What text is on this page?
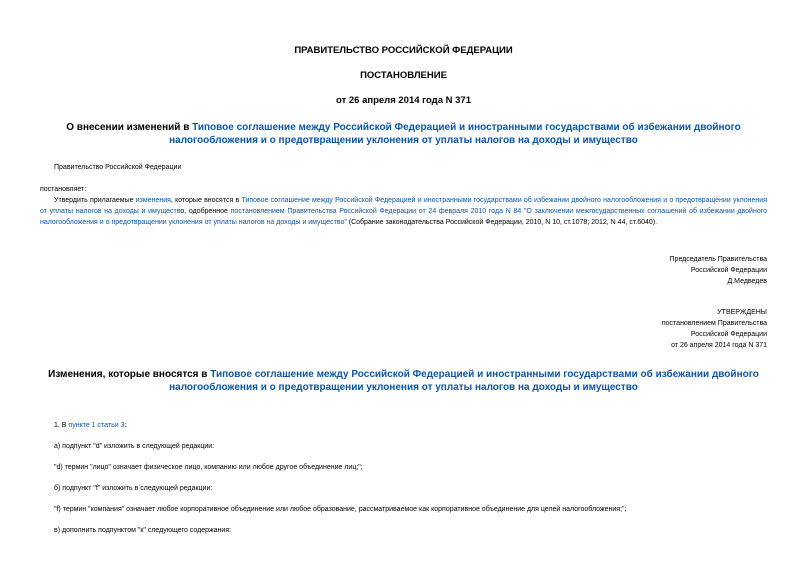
ПРАВИТЕЛЬСТВО РОССИЙСКОЙ ФЕДЕРАЦИИ
ПОСТАНОВЛЕНИЕ
от 26 апреля 2014 года N 371
О внесении изменений в Типовое соглашение между Российской Федерацией и иностранными государствами об избежании двойного налогообложения и о предотвращении уклонения от уплаты налогов на доходы и имущество
Правительство Российской Федерации
постановляет:
Утвердить прилагаемые изменения, которые вносятся в Типовое соглашение между Российской Федерацией и иностранными государствами об избежании двойного налогообложения и о предотвращении уклонения от уплаты налогов на доходы и имущество, одобренное постановлением Правительства Российской Федерации от 24 февраля 2010 года N 84 "О заключении межгосударственных соглашений об избежании двойного налогообложения и о предотвращении уклонения от уплаты налогов на доходы и имущество" (Собрание законодательства Российской Федерации, 2010, N 10, ст.1078; 2012, N 44, ст.6040).
Председатель Правительства
Российской Федерации
Д.Медведев
УТВЕРЖДЕНЫ
постановлением Правительства
Российской Федерации
от 26 апреля 2014 года N 371
Изменения, которые вносятся в Типовое соглашение между Российской Федерацией и иностранными государствами об избежании двойного налогообложения и о предотвращении уклонения от уплаты налогов на доходы и имущество
1. В пункте 1 статьи 3:
а) подпункт "d" изложить в следующей редакции:
"d) термин "лицо" означает физическое лицо, компанию или любое другое объединение лиц;";
б) подпункт "f" изложить в следующей редакции:
"f) термин "компания" означает любое корпоративное объединение или любое образование, рассматриваемое как корпоративное объединение для целей налогообложения;";
в) дополнить подпунктом "к" следующего содержания:
